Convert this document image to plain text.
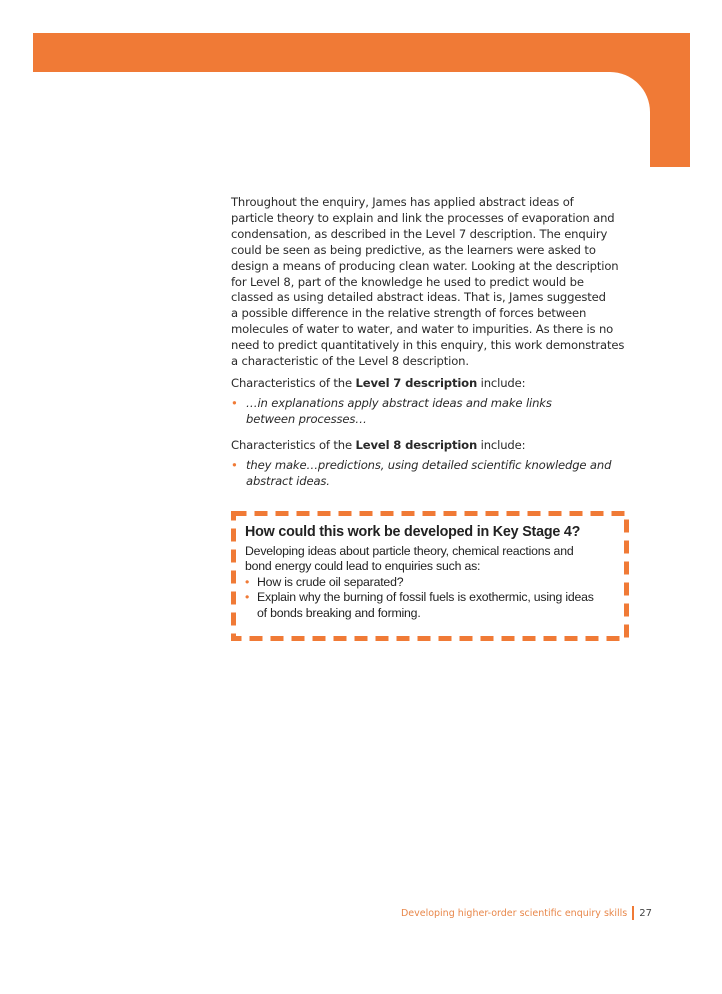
Throughout the enquiry, James has applied abstract ideas of
particle theory to explain and link the processes of evaporation and
condensation, as described in the Level 7 description. The enquiry
could be seen as being predictive, as the learners were asked to
design a means of producing clean water. Looking at the description
for Level 8, part of the knowledge he used to predict would be
classed as using detailed abstract ideas. That is, James suggested
a possible difference in the relative strength of forces between
molecules of water to water, and water to impurities. As there is no
need to predict quantitatively in this enquiry, this work demonstrates
a characteristic of the Level 8 description.

Characteristics of the Level 7 description include:

• …in explanations apply abstract ideas and make links
between processes…

Characteristics of the Level 8 description include:

• they make…predictions, using detailed scientific knowledge and
abstract ideas.
How could this work be developed in Key Stage 4?
Developing ideas about particle theory, chemical reactions and
bond energy could lead to enquiries such as:
• How is crude oil separated?
• Explain why the burning of fossil fuels is exothermic, using ideas
of bonds breaking and forming.
Developing higher-order scientific enquiry skills 27
